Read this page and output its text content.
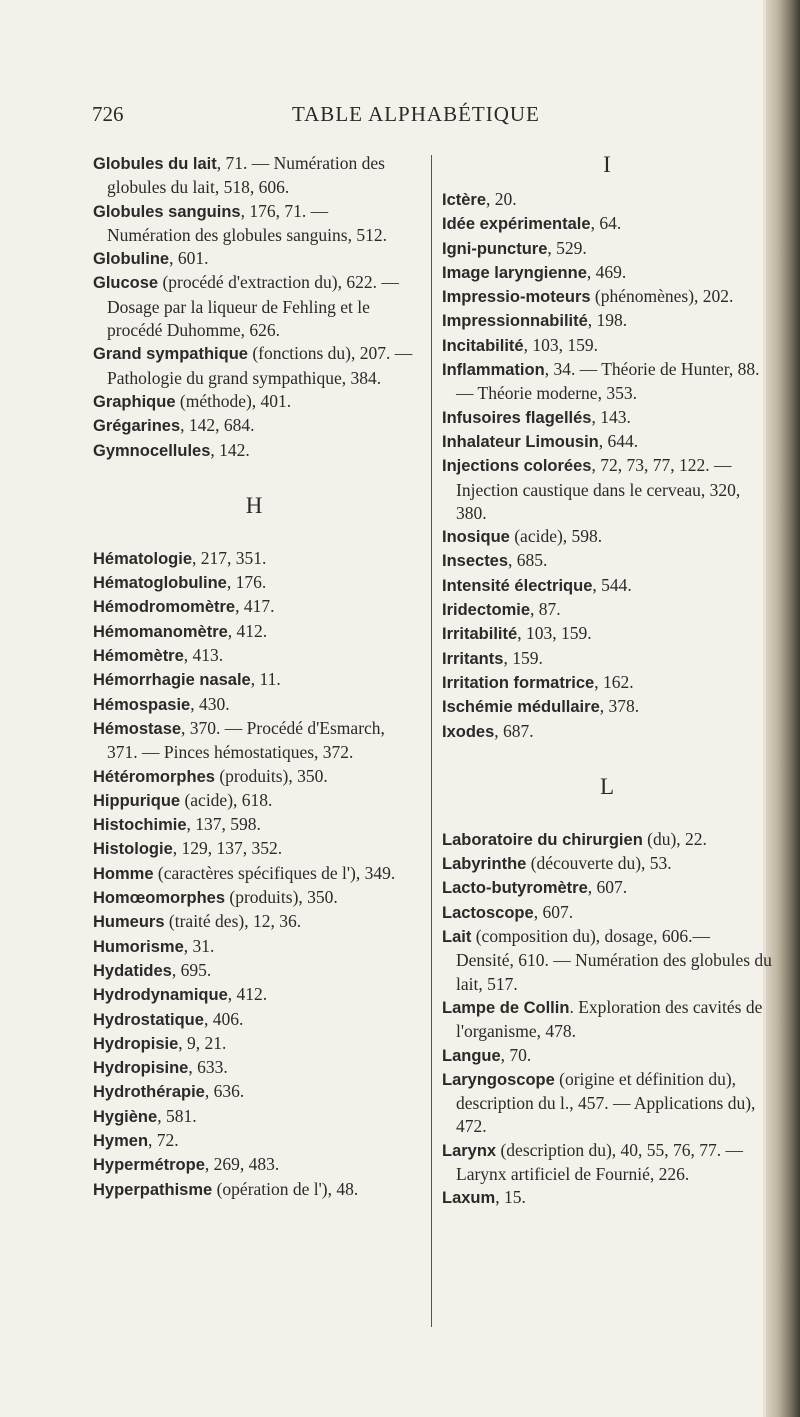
726	TABLE ALPHABÉTIQUE
Globules du lait, 71. — Numération des globules du lait, 518, 606.
Globules sanguins, 176, 71. — Numération des globules sanguins, 512.
Globuline, 601.
Glucose (procédé d'extraction du), 622. — Dosage par la liqueur de Fehling et le procédé Duhomme, 626.
Grand sympathique (fonctions du), 207. — Pathologie du grand sympathique, 384.
Graphique (méthode), 401.
Grégarines, 142, 684.
Gymnocellules, 142.
H
Hématologie, 217, 351.
Hématoglobuline, 176.
Hémodromomètre, 417.
Hémomanomètre, 412.
Hémomètre, 413.
Hémorrhagie nasale, 11.
Hémospasie, 430.
Hémostase, 370. — Procédé d'Esmarch, 371. — Pinces hémostatiques, 372.
Hétéromorphes (produits), 350.
Hippurique (acide), 618.
Histochimie, 137, 598.
Histologie, 129, 137, 352.
Homme (caractères spécifiques de l'), 349.
Homœomorphes (produits), 350.
Humeurs (traité des), 12, 36.
Humorisme, 31.
Hydatides, 695.
Hydrodynamique, 412.
Hydrostatique, 406.
Hydropisie, 9, 21.
Hydropisine, 633.
Hydrothérapie, 636.
Hygiène, 581.
Hymen, 72.
Hypermétrope, 269, 483.
Hyperpathisme (opération de l'), 48.
I
Ictère, 20.
Idée expérimentale, 64.
Igni-puncture, 529.
Image laryngienne, 469.
Impressio-moteurs (phénomènes), 202.
Impressionnabilité, 198.
Incitabilité, 103, 159.
Inflammation, 34. — Théorie de Hunter, 88. — Théorie moderne, 353.
Infusoires flagellés, 143.
Inhalateur Limousin, 644.
Injections colorées, 72, 73, 77, 122. — Injection caustique dans le cerveau, 320, 380.
Inosique (acide), 598.
Insectes, 685.
Intensité électrique, 544.
Iridectomie, 87.
Irritabilité, 103, 159.
Irritants, 159.
Irritation formatrice, 162.
Ischémie médullaire, 378.
Ixodes, 687.
L
Laboratoire du chirurgien (du), 22.
Labyrinthe (découverte du), 53.
Lacto-butyromètre, 607.
Lactoscope, 607.
Lait (composition du), dosage, 606.— Densité, 610. — Numération des globules du lait, 517.
Lampe de Collin. Exploration des cavités de l'organisme, 478.
Langue, 70.
Laryngoscope (origine et définition du), description du l., 457. — Applications du), 472.
Larynx (description du), 40, 55, 76, 77. — Larynx artificiel de Fournié, 226.
Laxum, 15.
